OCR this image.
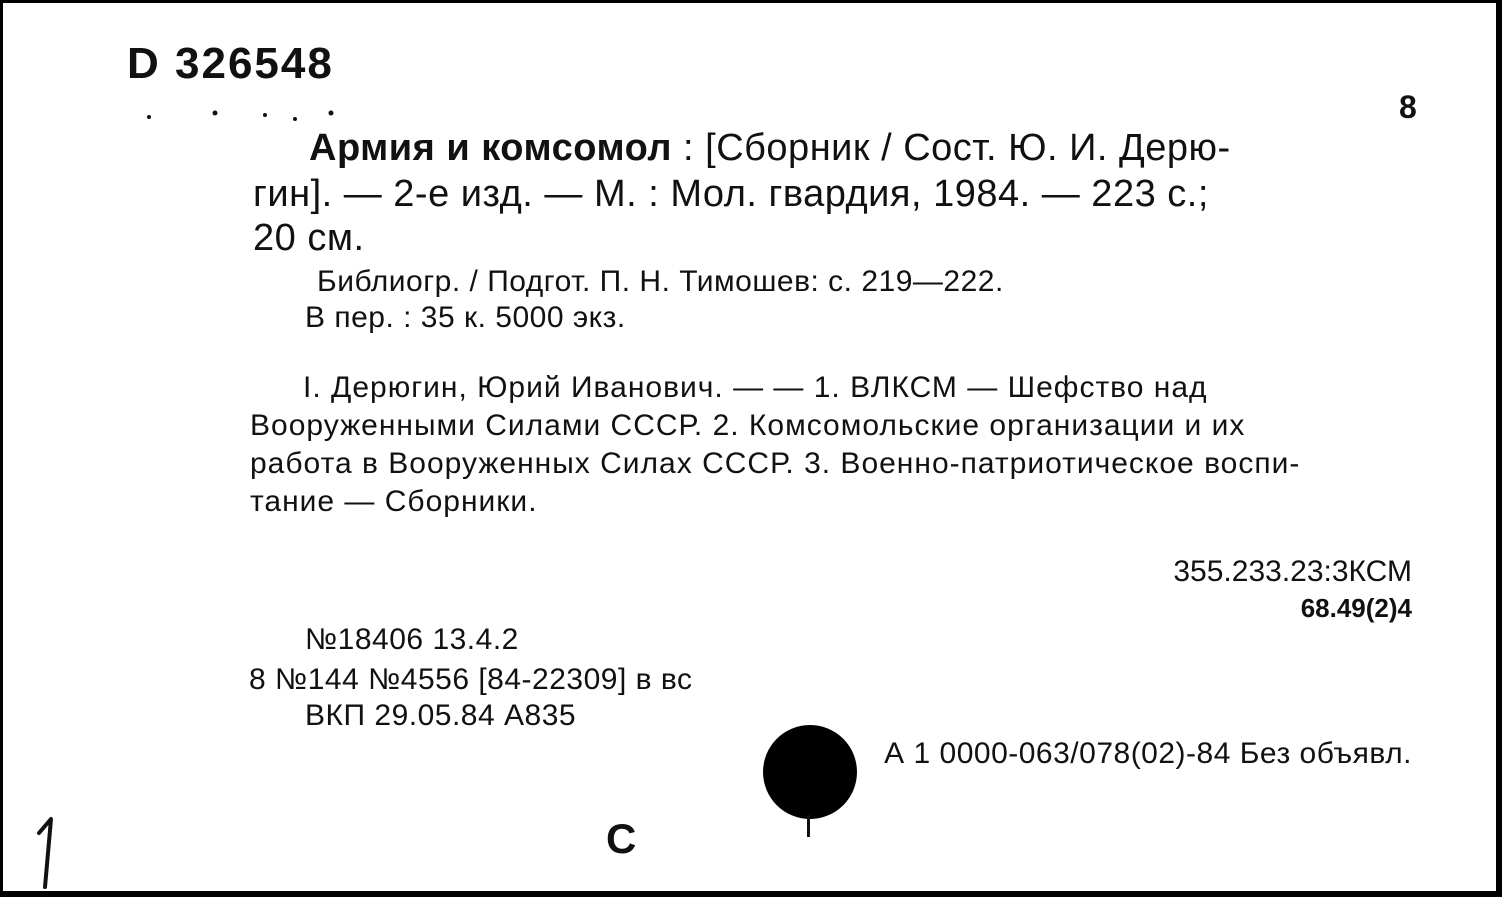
D 326548
8
Армия и комсомол : [Сборник / Сост. Ю. И. Дерю-
гин]. — 2-е изд. — М. : Мол. гвардия, 1984. — 223 с.;
20 см.
Библиогр. / Подгот. П. Н. Тимошев: с. 219—222.
В пер. : 35 к. 5000 экз.
I. Дерюгин, Юрий Иванович. — — 1. ВЛКСМ — Шефство над
Вооруженными Силами СССР. 2. Комсомольские организации и их
работа в Вооруженных Силах СССР. 3. Военно-патриотическое воспи-
тание — Сборники.
355.233.23:3КСМ
68.49(2)4
№18406 13.4.2
8 №144 №4556 [84-22309] в вс
ВКП 29.05.84 А835
А 1 0000-063/078(02)-84 Без объявл.
С
